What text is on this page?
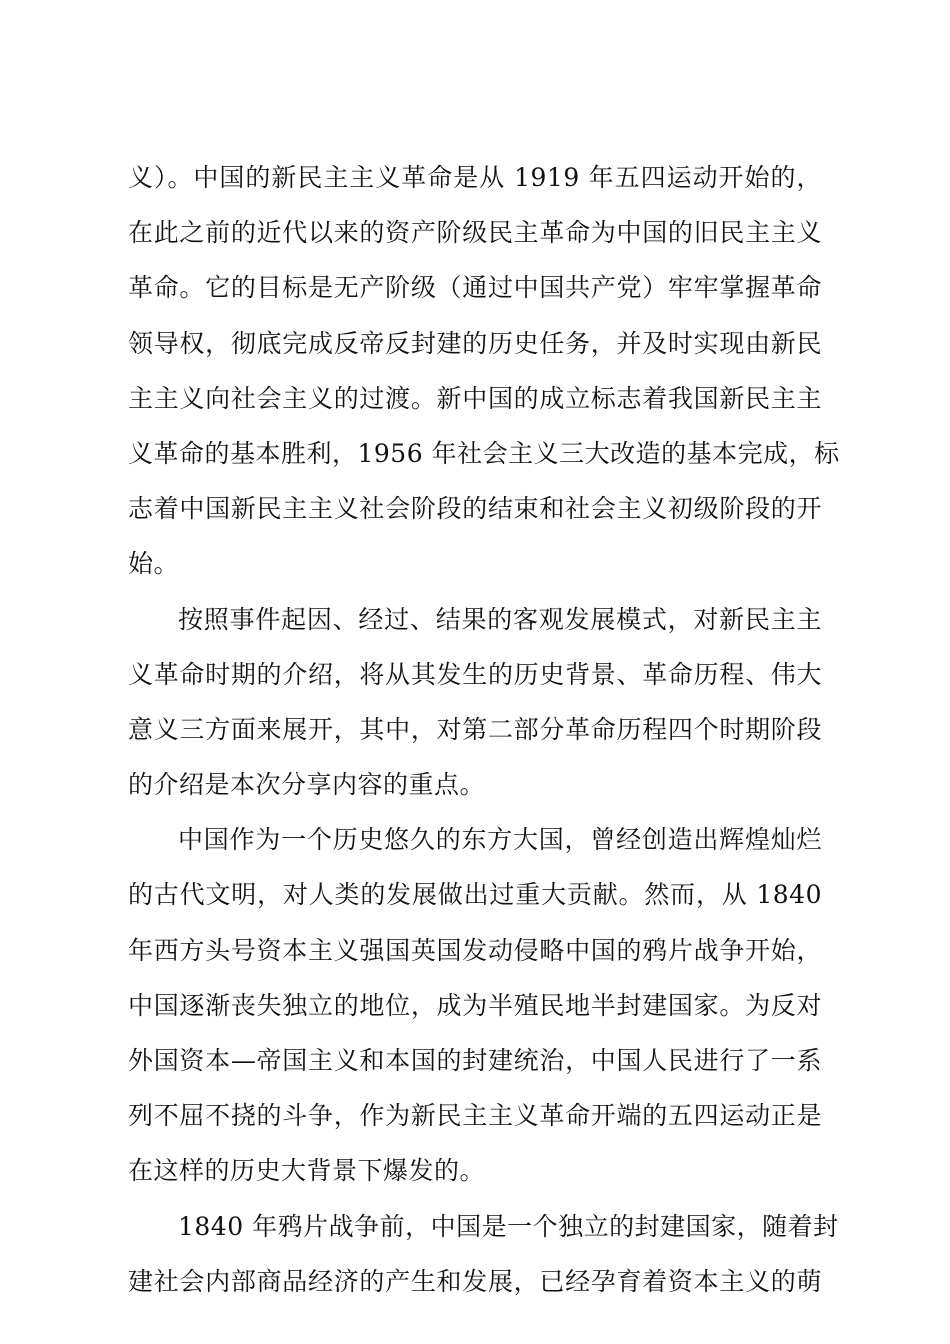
义）。中国的新民主主义革命是从 1919 年五四运动开始的，
在此之前的近代以来的资产阶级民主革命为中国的旧民主主义
革命。它的目标是无产阶级（通过中国共产党）牢牢掌握革命
领导权，彻底完成反帝反封建的历史任务，并及时实现由新民
主主义向社会主义的过渡。新中国的成立标志着我国新民主主
义革命的基本胜利，1956 年社会主义三大改造的基本完成，标
志着中国新民主主义社会阶段的结束和社会主义初级阶段的开
始。
按照事件起因、经过、结果的客观发展模式，对新民主主
义革命时期的介绍，将从其发生的历史背景、革命历程、伟大
意义三方面来展开，其中，对第二部分革命历程四个时期阶段
的介绍是本次分享内容的重点。
中国作为一个历史悠久的东方大国，曾经创造出辉煌灿烂
的古代文明，对人类的发展做出过重大贡献。然而，从 1840
年西方头号资本主义强国英国发动侵略中国的鸦片战争开始，
中国逐渐丧失独立的地位，成为半殖民地半封建国家。为反对
外国资本—帝国主义和本国的封建统治，中国人民进行了一系
列不屈不挠的斗争，作为新民主主义革命开端的五四运动正是
在这样的历史大背景下爆发的。
1840 年鸦片战争前，中国是一个独立的封建国家，随着封
建社会内部商品经济的产生和发展，已经孕育着资本主义的萌
